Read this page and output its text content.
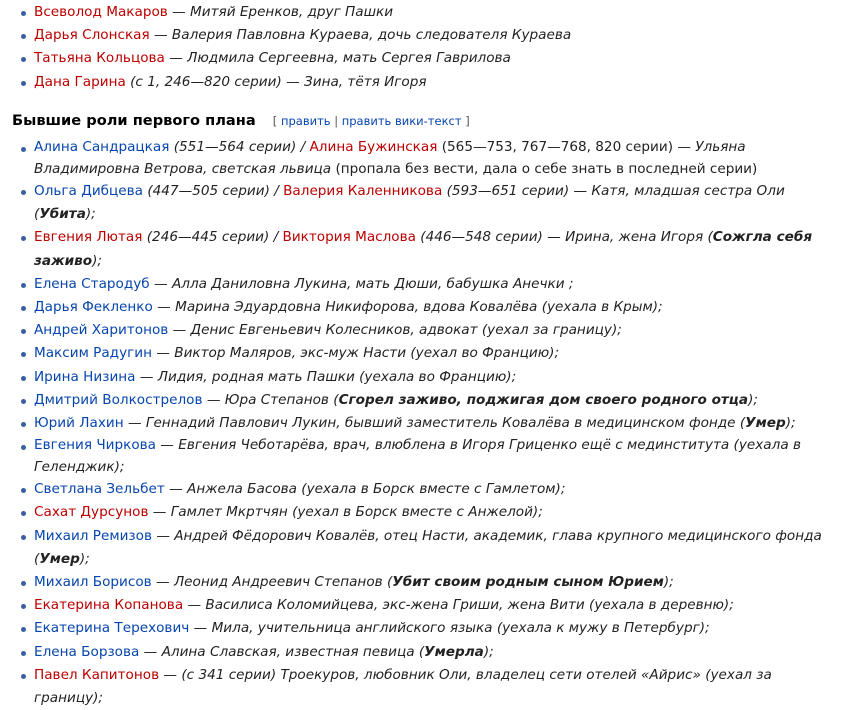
Всеволод Макаров — Митяй Еренков, друг Пашки
Дарья Слонская — Валерия Павловна Кураева, дочь следователя Кураева
Татьяна Кольцова — Людмила Сергеевна, мать Сергея Гаврилова
Дана Гарина (с 1, 246—820 серии) — Зина, тётя Игоря
Бывшие роли первого плана [ править | править вики-текст ]
Алина Сандрацкая (551—564 серии) / Алина Бужинская (565—753, 767—768, 820 серии) — Ульяна Владимировна Ветрова, светская львица (пропала без вести, дала о себе знать в последней серии)
Ольга Дибцева (447—505 серии) / Валерия Каленникова (593—651 серии) — Катя, младшая сестра Оли (Убита);
Евгения Лютая (246—445 серии) / Виктория Маслова (446—548 серии) — Ирина, жена Игоря (Сожгла себя заживо);
Елена Стародуб — Алла Даниловна Лукина, мать Дюши, бабушка Анечки ;
Дарья Фекленко — Марина Эдуардовна Никифорова, вдова Ковалёва (уехала в Крым);
Андрей Харитонов — Денис Евгеньевич Колесников, адвокат (уехал за границу);
Максим Радугин — Виктор Маляров, экс-муж Насти (уехал во Францию);
Ирина Низина — Лидия, родная мать Пашки (уехала во Францию);
Дмитрий Волкострелов — Юра Степанов (Сгорел заживо, поджигая дом своего родного отца);
Юрий Лахин — Геннадий Павлович Лукин, бывший заместитель Ковалёва в медицинском фонде (Умер);
Евгения Чиркова — Евгения Чеботарёва, врач, влюблена в Игоря Гриценко ещё с мединститута (уехала в Геленджик);
Светлана Зельбет — Анжела Басова (уехала в Борск вместе с Гамлетом);
Сахат Дурсунов — Гамлет Мкртчян (уехал в Борск вместе с Анжелой);
Михаил Ремизов — Андрей Фёдорович Ковалёв, отец Насти, академик, глава крупного медицинского фонда (Умер);
Михаил Борисов — Леонид Андреевич Степанов (Убит своим родным сыном Юрием);
Екатерина Копанова — Василиса Коломийцева, экс-жена Гриши, жена Вити (уехала в деревню);
Екатерина Терехович — Мила, учительница английского языка (уехала к мужу в Петербург);
Елена Борзова — Алина Славская, известная певица (Умерла);
Павел Капитонов — (с 341 серии) Троекуров, любовник Оли, владелец сети отелей «Айрис» (уехал за границу);
